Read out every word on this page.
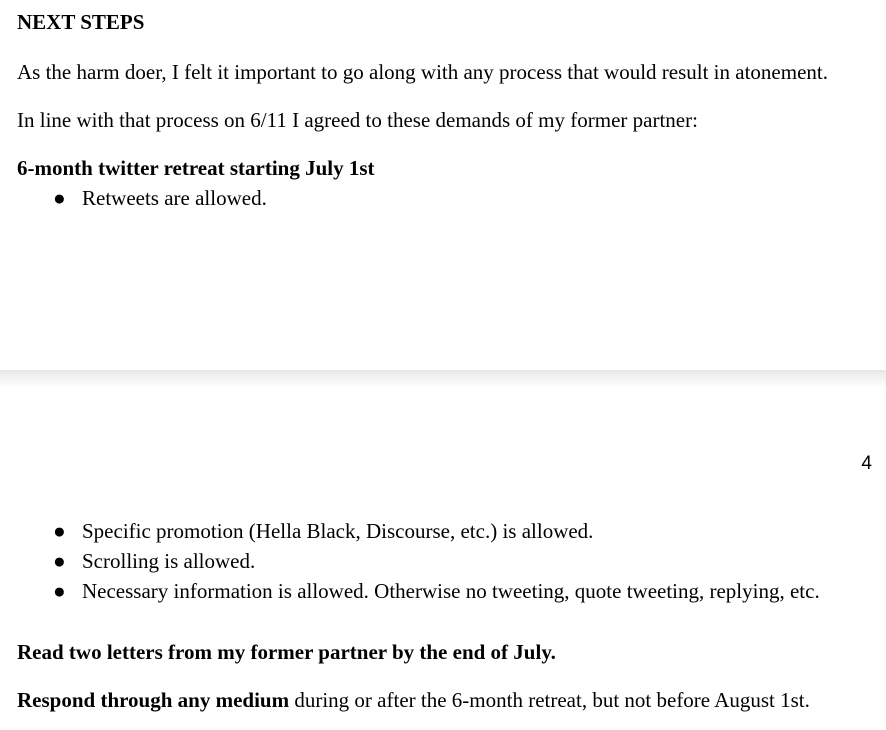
NEXT STEPS
As the harm doer, I felt it important to go along with any process that would result in atonement.
In line with that process on 6/11 I agreed to these demands of my former partner:
6-month twitter retreat starting July 1st
● Retweets are allowed.
4
● Specific promotion (Hella Black, Discourse, etc.) is allowed.
● Scrolling is allowed.
● Necessary information is allowed. Otherwise no tweeting, quote tweeting, replying, etc.
Read two letters from my former partner by the end of July.
Respond through any medium during or after the 6-month retreat, but not before August 1st.
